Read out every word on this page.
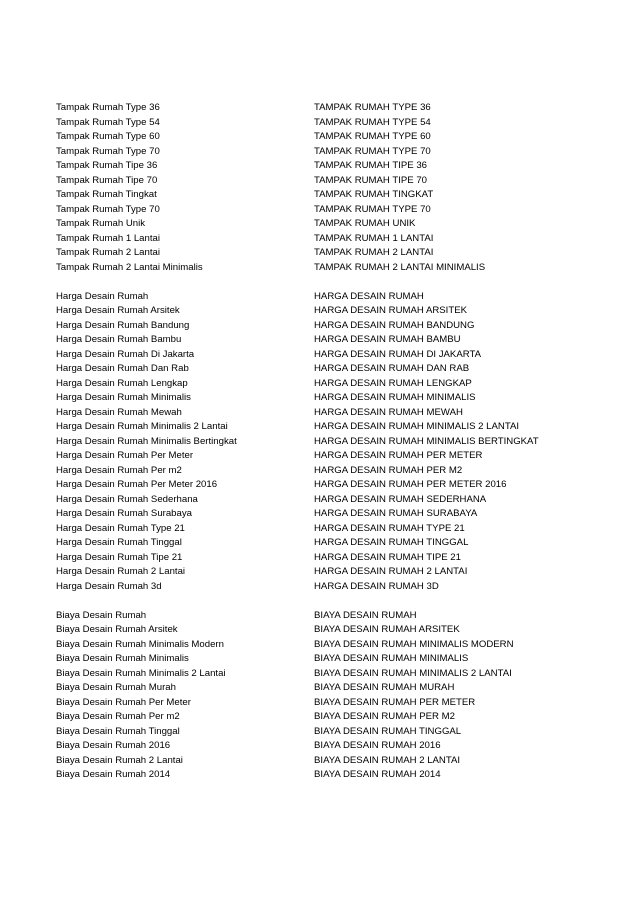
Tampak Rumah Type 36	TAMPAK RUMAH TYPE 36
Tampak Rumah Type 54	TAMPAK RUMAH TYPE 54
Tampak Rumah Type 60	TAMPAK RUMAH TYPE 60
Tampak Rumah Type 70	TAMPAK RUMAH TYPE 70
Tampak Rumah Tipe 36	TAMPAK RUMAH TIPE 36
Tampak Rumah Tipe 70	TAMPAK RUMAH TIPE 70
Tampak Rumah Tingkat	TAMPAK RUMAH TINGKAT
Tampak Rumah Type 70	TAMPAK RUMAH TYPE 70
Tampak Rumah Unik	TAMPAK RUMAH UNIK
Tampak Rumah 1 Lantai	TAMPAK RUMAH 1 LANTAI
Tampak Rumah 2 Lantai	TAMPAK RUMAH 2 LANTAI
Tampak Rumah 2 Lantai Minimalis	TAMPAK RUMAH 2 LANTAI MINIMALIS
Harga Desain Rumah	HARGA DESAIN RUMAH
Harga Desain Rumah Arsitek	HARGA DESAIN RUMAH ARSITEK
Harga Desain Rumah Bandung	HARGA DESAIN RUMAH BANDUNG
Harga Desain Rumah Bambu	HARGA DESAIN RUMAH BAMBU
Harga Desain Rumah Di Jakarta	HARGA DESAIN RUMAH DI JAKARTA
Harga Desain Rumah Dan Rab	HARGA DESAIN RUMAH DAN RAB
Harga Desain Rumah Lengkap	HARGA DESAIN RUMAH LENGKAP
Harga Desain Rumah Minimalis	HARGA DESAIN RUMAH MINIMALIS
Harga Desain Rumah Mewah	HARGA DESAIN RUMAH MEWAH
Harga Desain Rumah Minimalis 2 Lantai	HARGA DESAIN RUMAH MINIMALIS 2 LANTAI
Harga Desain Rumah Minimalis Bertingkat	HARGA DESAIN RUMAH MINIMALIS BERTINGKAT
Harga Desain Rumah Per Meter	HARGA DESAIN RUMAH PER METER
Harga Desain Rumah Per m2	HARGA DESAIN RUMAH PER M2
Harga Desain Rumah Per Meter 2016	HARGA DESAIN RUMAH PER METER 2016
Harga Desain Rumah Sederhana	HARGA DESAIN RUMAH SEDERHANA
Harga Desain Rumah Surabaya	HARGA DESAIN RUMAH SURABAYA
Harga Desain Rumah Type 21	HARGA DESAIN RUMAH TYPE 21
Harga Desain Rumah Tinggal	HARGA DESAIN RUMAH TINGGAL
Harga Desain Rumah Tipe 21	HARGA DESAIN RUMAH TIPE 21
Harga Desain Rumah 2 Lantai	HARGA DESAIN RUMAH 2 LANTAI
Harga Desain Rumah 3d	HARGA DESAIN RUMAH 3D
Biaya Desain Rumah	BIAYA DESAIN RUMAH
Biaya Desain Rumah Arsitek	BIAYA DESAIN RUMAH ARSITEK
Biaya Desain Rumah Minimalis Modern	BIAYA DESAIN RUMAH MINIMALIS MODERN
Biaya Desain Rumah Minimalis	BIAYA DESAIN RUMAH MINIMALIS
Biaya Desain Rumah Minimalis 2 Lantai	BIAYA DESAIN RUMAH MINIMALIS 2 LANTAI
Biaya Desain Rumah Murah	BIAYA DESAIN RUMAH MURAH
Biaya Desain Rumah Per Meter	BIAYA DESAIN RUMAH PER METER
Biaya Desain Rumah Per m2	BIAYA DESAIN RUMAH PER M2
Biaya Desain Rumah Tinggal	BIAYA DESAIN RUMAH TINGGAL
Biaya Desain Rumah 2016	BIAYA DESAIN RUMAH 2016
Biaya Desain Rumah 2 Lantai	BIAYA DESAIN RUMAH 2 LANTAI
Biaya Desain Rumah 2014	BIAYA DESAIN RUMAH 2014
